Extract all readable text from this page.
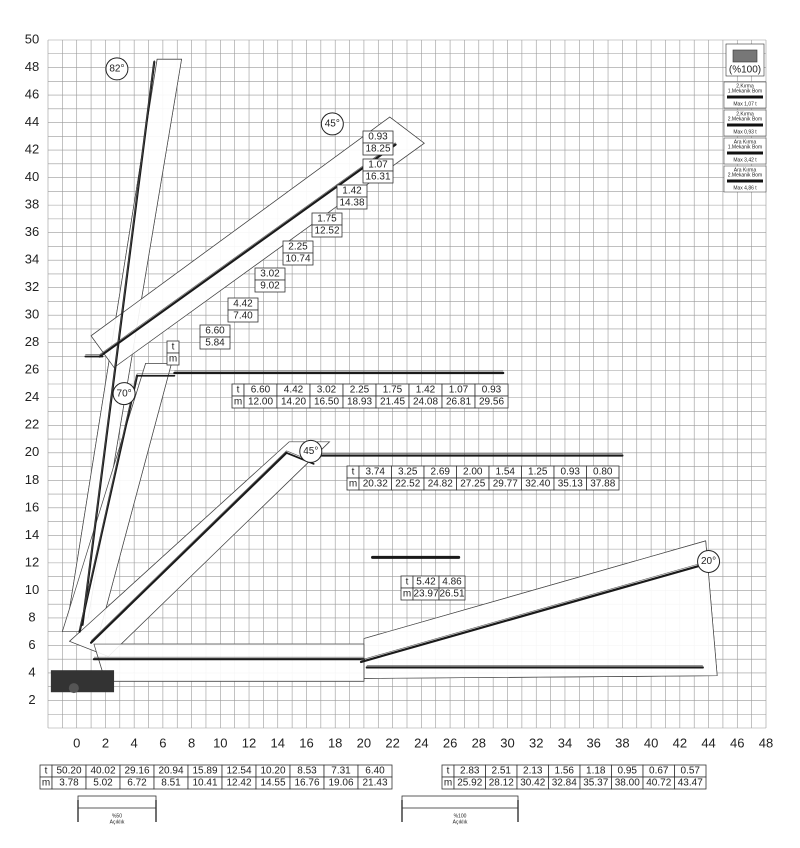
2
4
6
8
10
12
14
16
18
20
22
24
26
28
30
32
34
36
38
40
42
44
46
48
50
0 2 4 6 8 10 12 14 16 18 20 22 24 26 28 30 32 34 36 38 40 42 44 46 48
82°
45°
70°
45°
20°
0.93
18.25
1.07
16.31
1.42
14.38
1.75
12.52
2.25
10.74
3.02
9.02
4.42
7.40
6.60
5.84
t
m
t
m
6.60
12.00
4.42
14.20
3.02
16.50
2.25
18.93
1.75
21.45
1.42
24.08
1.07
26.81
0.93
29.56
t
m
3.74
20.32
3.25
22.52
2.69
24.82
2.00
27.25
1.54
29.77
1.25
32.40
0.93
35.13
0.80
37.88
t
m
5.42
23.97
4.86
26.51
t
m
50.20
3.78
40.02
5.02
29.16
6.72
20.94
8.51
15.89
10.41
12.54
12.42
10.20
14.55
8.53
16.76
7.31
19.06
6.40
21.43
t
m
2.83
25.92
2.51
28.12
2.13
30.42
1.56
32.84
1.18
35.37
0.95
38.00
0.67
40.72
0.57
43.47
%50
Açıklık
%100
Açıklık
(%100)
2.Kırma
1.Mekanik Bom
Max 1,07 t
2.Kırma
2.Mekanik Bom
Max 0,93 t
Ara Kırma
1.Mekanik Bom
Max 3,42 t
Ara Kırma
2.Mekanik Bom
Max 4,86 t
